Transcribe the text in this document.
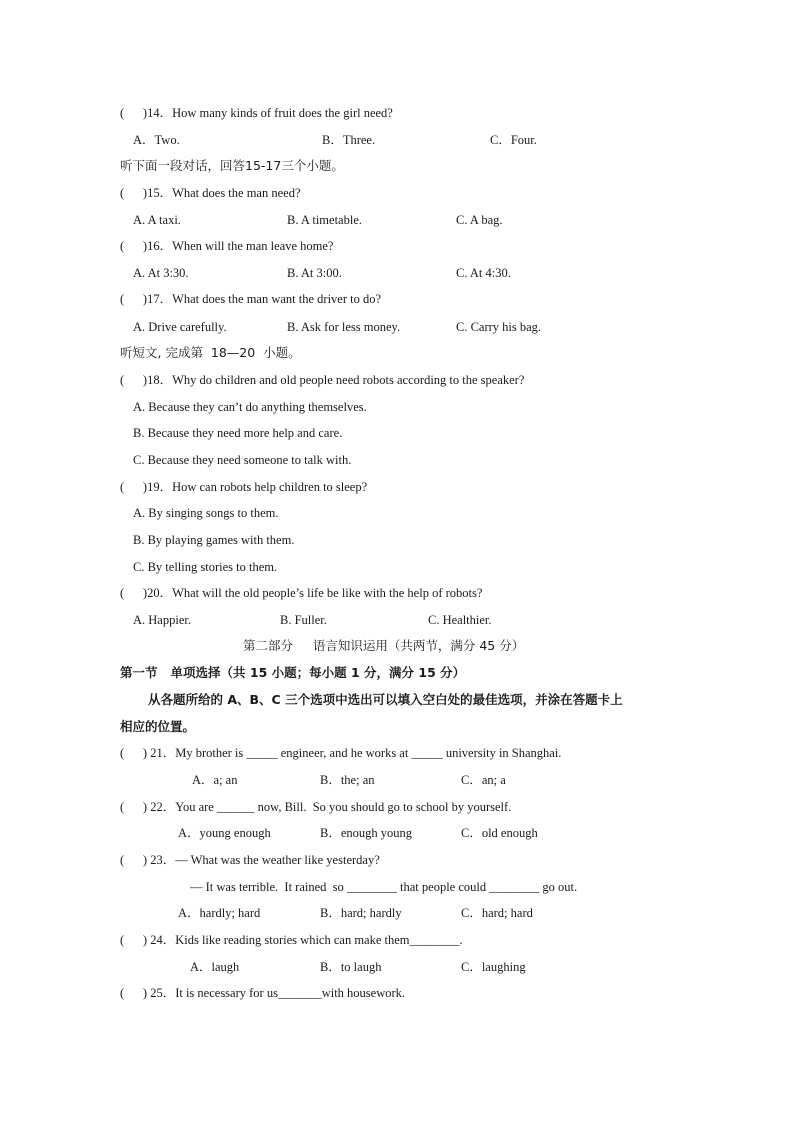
(      )14．How many kinds of fruit does the girl need?
A．Two.	B．Three.	C．Four.
听下面一段对话，回答15-17三个小题。
(      )15．What does the man need?
A. A taxi.	B. A timetable.	C. A bag.
(      )16．When will the man leave home?
A. At 3:30.	B. At 3:00.	C. At 4:30.
(      )17．What does the man want the driver to do?
A. Drive carefully.	B. Ask for less money.	C. Carry his bag.
听短文, 完成第  18—20  小题。
(      )18．Why do children and old people need robots according to the speaker?
A. Because they can’t do anything themselves.
B. Because they need more help and care.
C. Because they need someone to talk with.
(      )19．How can robots help children to sleep?
A. By singing songs to them.
B. By playing games with them.
C. By telling stories to them.
(      )20．What will the old people’s life be like with the help of robots?
A. Happier.	B. Fuller.	C. Healthier.
第二部分     语言知识运用（共两节，满分 45 分）
第一节   单项选择（共 15 小题；每小题 1 分，满分 15 分）
从各题所给的 A、B、C 三个选项中选出可以填入空白处的最佳选项，并涂在答题卡上
相应的位置。
(      ) 21．My brother is _____ engineer, and he works at _____ university in Shanghai.
A．a; an	B．the; an	C．an; a
(      ) 22．You are ______ now, Bill.  So you should go to school by yourself.
A．young enough	B．enough young	C．old enough
(      ) 23．— What was the weather like yesterday?
— It was terrible.  It rained  so ________ that people could ________ go out.
A．hardly; hard	B．hard; hardly	C．hard; hard
(      ) 24．Kids like reading stories which can make them________.
A．laugh	B．to laugh	C．laughing
(      ) 25．It is necessary for us_______with housework.
